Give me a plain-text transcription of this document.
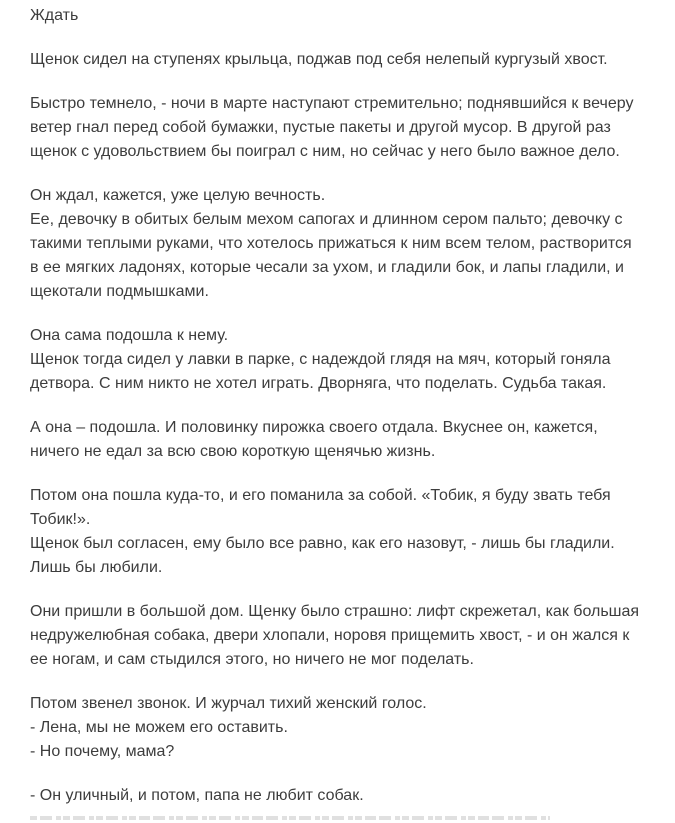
Ждать

Щенок сидел на ступенях крыльца, поджав под себя нелепый кургузый хвост.

Быстро темнело, - ночи в марте наступают стремительно; поднявшийся к вечеру
ветер гнал перед собой бумажки, пустые пакеты и другой мусор. В другой раз
щенок с удовольствием бы поиграл с ним, но сейчас у него было важное дело.

Он ждал, кажется, уже целую вечность.
Ее, девочку в обитых белым мехом сапогах и длинном сером пальто; девочку с
такими теплыми руками, что хотелось прижаться к ним всем телом, растворится
в ее мягких ладонях, которые чесали за ухом, и гладили бок, и лапы гладили, и
щекотали подмышками.

Она сама подошла к нему.
Щенок тогда сидел у лавки в парке, с надеждой глядя на мяч, который гоняла
детвора. С ним никто не хотел играть. Дворняга, что поделать. Судьба такая.

А она – подошла. И половинку пирожка своего отдала. Вкуснее он, кажется,
ничего не едал за всю свою короткую щенячью жизнь.

Потом она пошла куда-то, и его поманила за собой. «Тобик, я буду звать тебя
Тобик!».
Щенок был согласен, ему было все равно, как его назовут, - лишь бы гладили.
Лишь бы любили.

Они пришли в большой дом. Щенку было страшно: лифт скрежетал, как большая
недружелюбная собака, двери хлопали, норовя прищемить хвост, - и он жался к
ее ногам, и сам стыдился этого, но ничего не мог поделать.

Потом звенел звонок. И журчал тихий женский голос.
- Лена, мы не можем его оставить.
- Но почему, мама?

- Он уличный, и потом, папа не любит собак.
